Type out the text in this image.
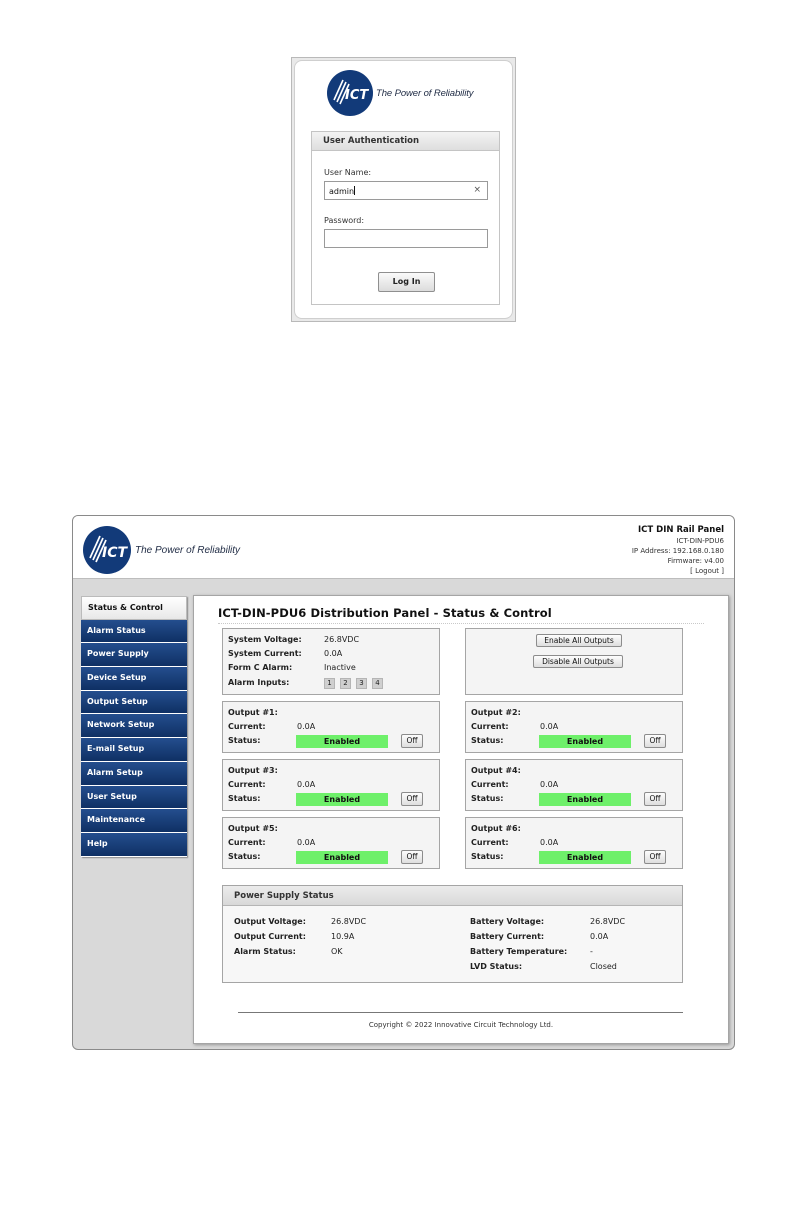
ICT The Power of Reliability
User Authentication
User Name:
admin	×
Password:
Log In
ICT The Power of Reliability
ICT DIN Rail Panel
ICT-DIN-PDU6
IP Address: 192.168.0.180
Firmware: v4.00
[ Logout ]
Status & Control
Alarm Status
Power Supply
Device Setup
Output Setup
Network Setup
E-mail Setup
Alarm Setup
User Setup
Maintenance
Help
ICT-DIN-PDU6 Distribution Panel - Status & Control
System Voltage:	26.8VDC
System Current:	0.0A
Form C Alarm:	Inactive
Alarm Inputs:	1	2	3	4
Enable All Outputs
Disable All Outputs
Output #1:
Current:	0.0A
Status:	Enabled	Off
Output #2:
Current:	0.0A
Status:	Enabled	Off
Output #3:
Current:	0.0A
Status:	Enabled	Off
Output #4:
Current:	0.0A
Status:	Enabled	Off
Output #5:
Current:	0.0A
Status:	Enabled	Off
Output #6:
Current:	0.0A
Status:	Enabled	Off
Power Supply Status
Output Voltage:	26.8VDC
Output Current:	10.9A
Alarm Status:	OK
Battery Voltage:	26.8VDC
Battery Current:	0.0A
Battery Temperature:	-
LVD Status:	Closed
Copyright © 2022 Innovative Circuit Technology Ltd.
